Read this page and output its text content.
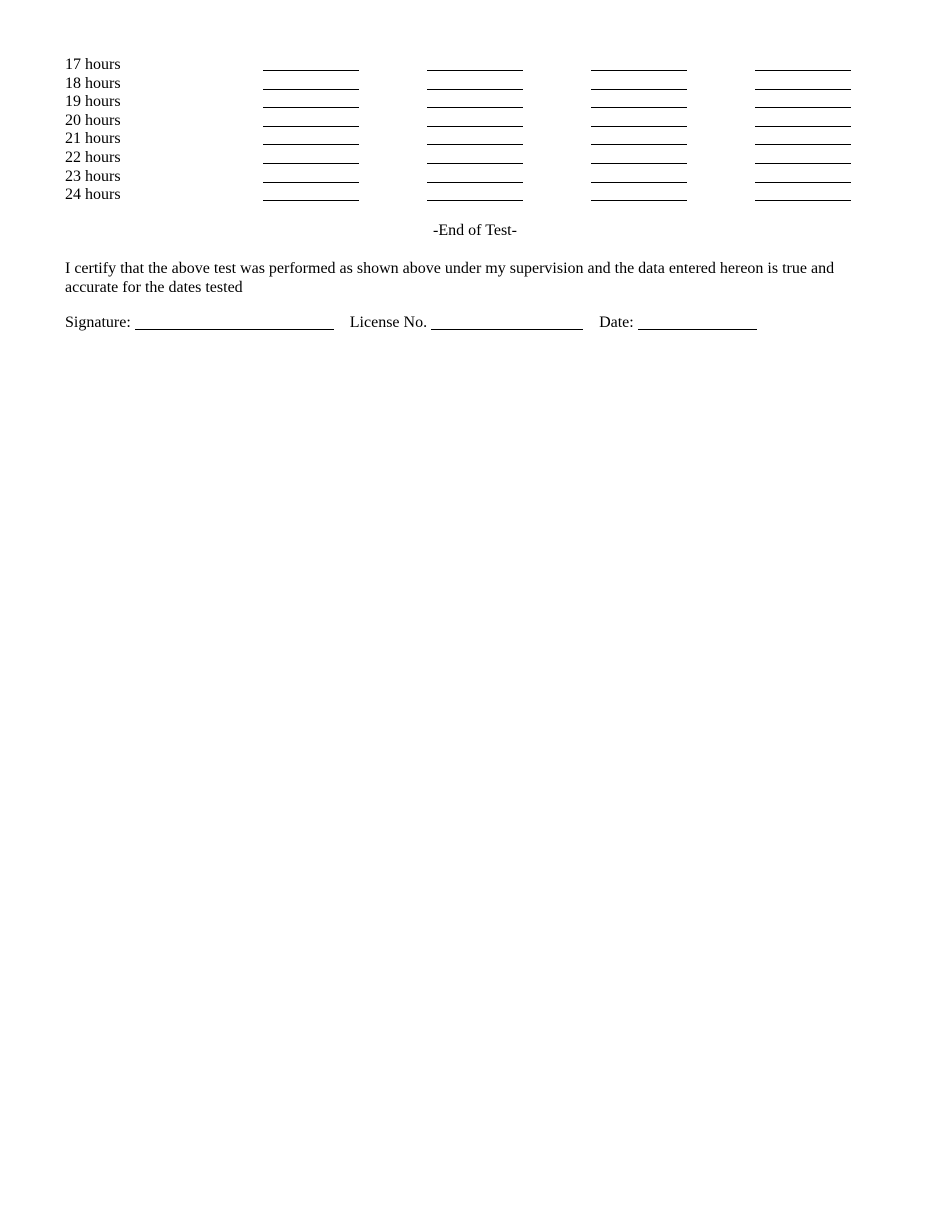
17 hours
18 hours
19 hours
20 hours
21 hours
22 hours
23 hours
24 hours
-End of Test-
I certify that the above test was performed as shown above under my supervision and the data entered hereon is true and accurate for the dates tested
Signature:	License No.	Date:
